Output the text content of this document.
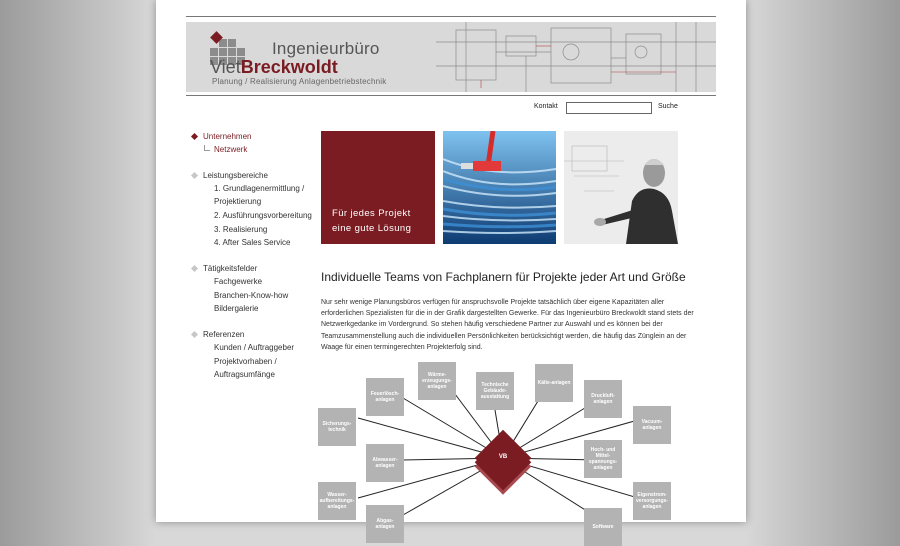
Ingenieurbüro
VietBreckwoldt
Planung / Realisierung Anlagenbetriebstechnik
Kontakt	Suche
Unternehmen
Netzwerk
Leistungsbereiche
1. Grundlagenermittlung /
Projektierung
2. Ausführungsvorbereitung
3. Realisierung
4. After Sales Service
Tätigkeitsfelder
Fachgewerke
Branchen-Know-how
Bildergalerie
Referenzen
Kunden / Auftraggeber
Projektvorhaben /
Auftragsumfänge
Für jedes Projekt
eine gute Lösung
Individuelle Teams von Fachplanern für Projekte jeder Art und Größe
Nur sehr wenige Planungsbüros verfügen für anspruchsvolle Projekte tatsächlich über eigene Kapazitäten aller
erforderlichen Spezialisten für die in der Grafik dargestellten Gewerke. Für das Ingenieurbüro Breckwoldt stand stets der
Netzwerkgedanke im Vordergrund. So stehen häufig verschiedene Partner zur Auswahl und es können bei der
Teamzusammenstellung auch die individuellen Persönlichkeiten berücksichtigt werden, die häufig das Zünglein an der
Waage für einen termingerechten Projekterfolg sind.
Sicherungs-technik
Feuerlösch-anlagen
Wärme-erzeugungs-anlagen	Technische Gebäude-ausstattung
Kälte-anlagen
Druckluft-anlagen
Vacuum-anlagen
Abwasser-anlagen
Hoch- und Mittel-spannungs-anlagen
Wasser-aufbereitungs-anlagen
Eigenstrom-versorgungs-anlagen
Abgas-anlagen	Software
VB
